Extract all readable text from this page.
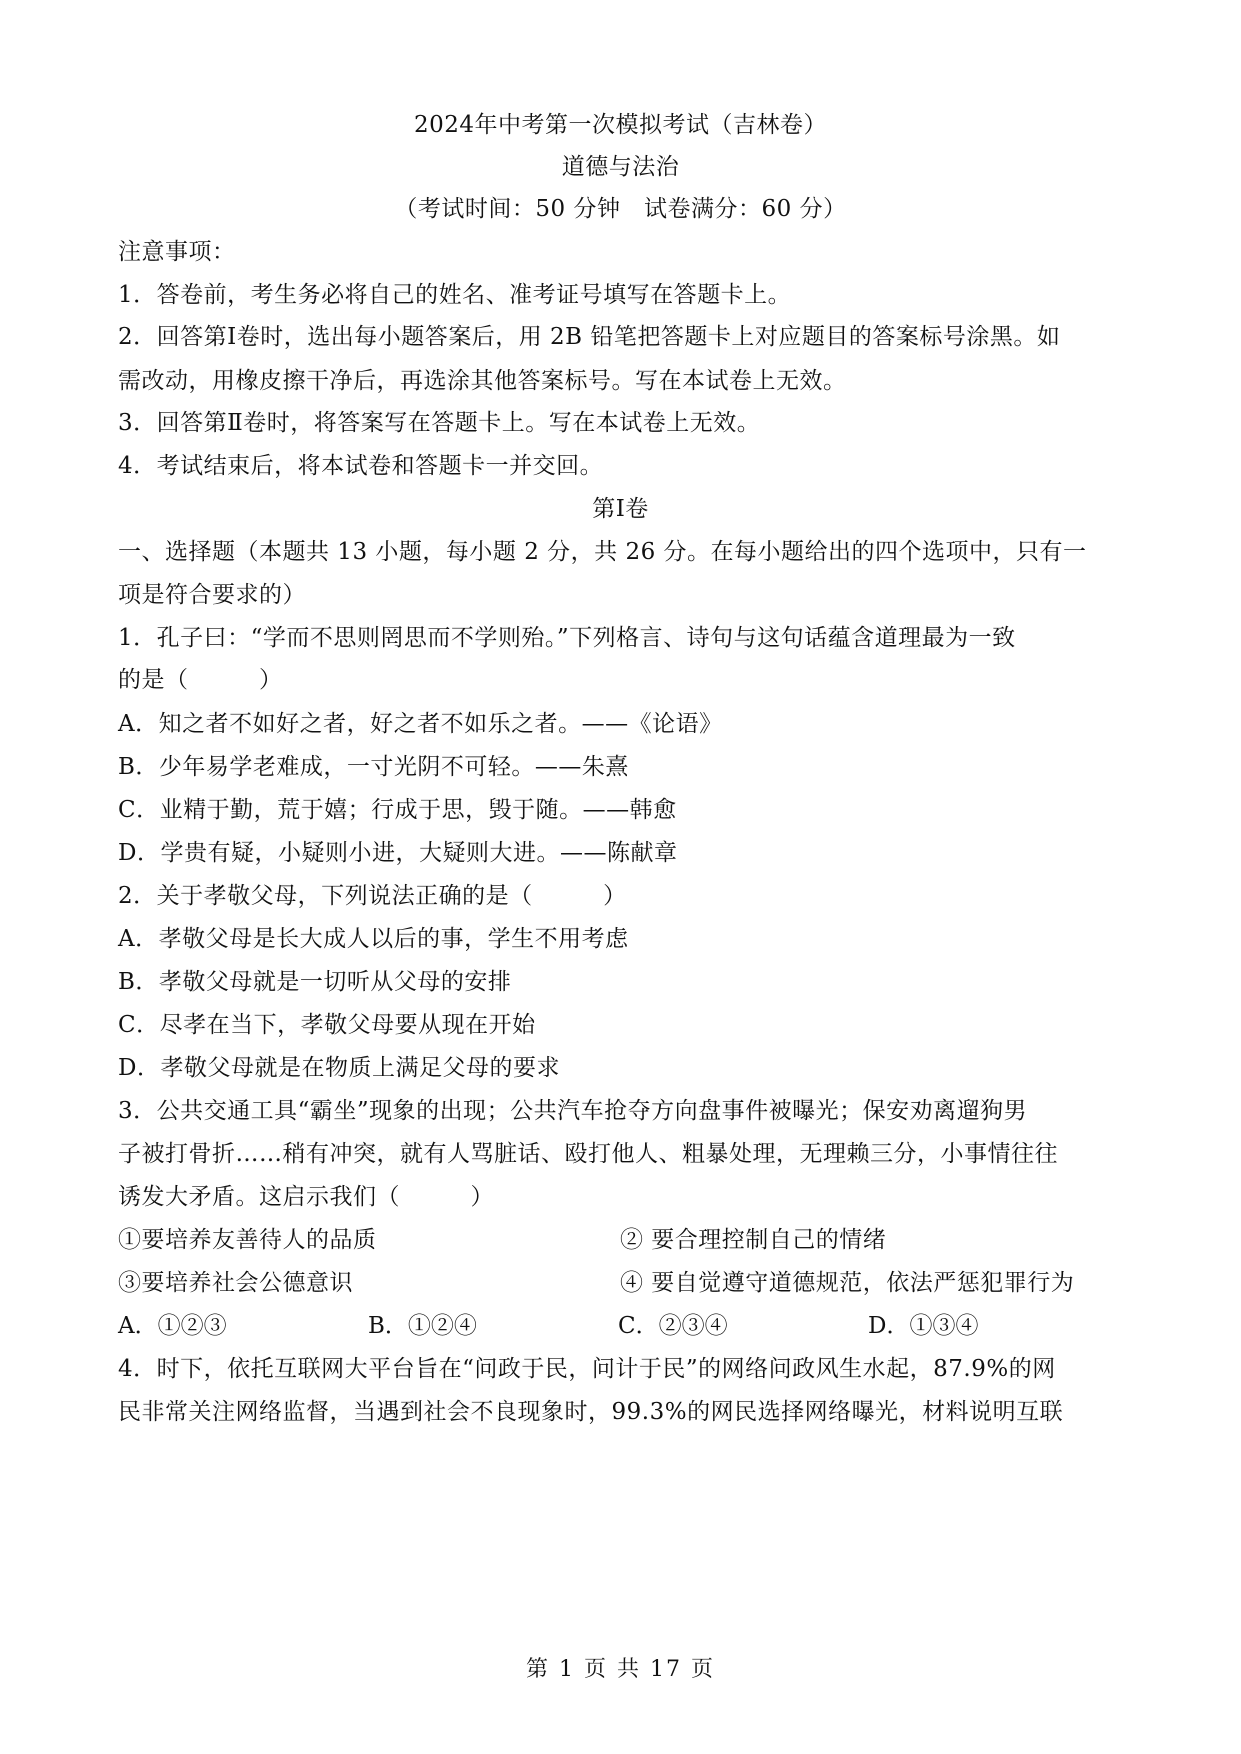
2024年中考第一次模拟考试（吉林卷）
道德与法治
（考试时间：50 分钟　试卷满分：60 分）
注意事项：
1．答卷前，考生务必将自己的姓名、准考证号填写在答题卡上。
2．回答第Ⅰ卷时，选出每小题答案后，用 2B 铅笔把答题卡上对应题目的答案标号涂黑。如
需改动，用橡皮擦干净后，再选涂其他答案标号。写在本试卷上无效。
3．回答第Ⅱ卷时，将答案写在答题卡上。写在本试卷上无效。
4．考试结束后，将本试卷和答题卡一并交回。
第Ⅰ卷
一、选择题（本题共 13 小题，每小题 2 分，共 26 分。在每小题给出的四个选项中，只有一
项是符合要求的）
1．孔子曰：“学而不思则罔思而不学则殆。”下列格言、诗句与这句话蕴含道理最为一致
的是（　　　）
A．知之者不如好之者，好之者不如乐之者。——《论语》
B．少年易学老难成，一寸光阴不可轻。——朱熹
C．业精于勤，荒于嬉；行成于思，毁于随。——韩愈
D．学贵有疑，小疑则小进，大疑则大进。——陈献章
2．关于孝敬父母，下列说法正确的是（　　　）
A．孝敬父母是长大成人以后的事，学生不用考虑
B．孝敬父母就是一切听从父母的安排
C．尽孝在当下，孝敬父母要从现在开始
D．孝敬父母就是在物质上满足父母的要求
3．公共交通工具“霸坐”现象的出现；公共汽车抢夺方向盘事件被曝光；保安劝离遛狗男
子被打骨折……稍有冲突，就有人骂脏话、殴打他人、粗暴处理，无理赖三分，小事情往往
诱发大矛盾。这启示我们（　　　）
①要培养友善待人的品质	② 要合理控制自己的情绪
③要培养社会公德意识	④ 要自觉遵守道德规范，依法严惩犯罪行为
A．①②③	B．①②④	C．②③④	D．①③④
4．时下，依托互联网大平台旨在“问政于民，问计于民”的网络问政风生水起，87.9%的网
民非常关注网络监督，当遇到社会不良现象时，99.3%的网民选择网络曝光，材料说明互联
第 1 页 共 17 页
